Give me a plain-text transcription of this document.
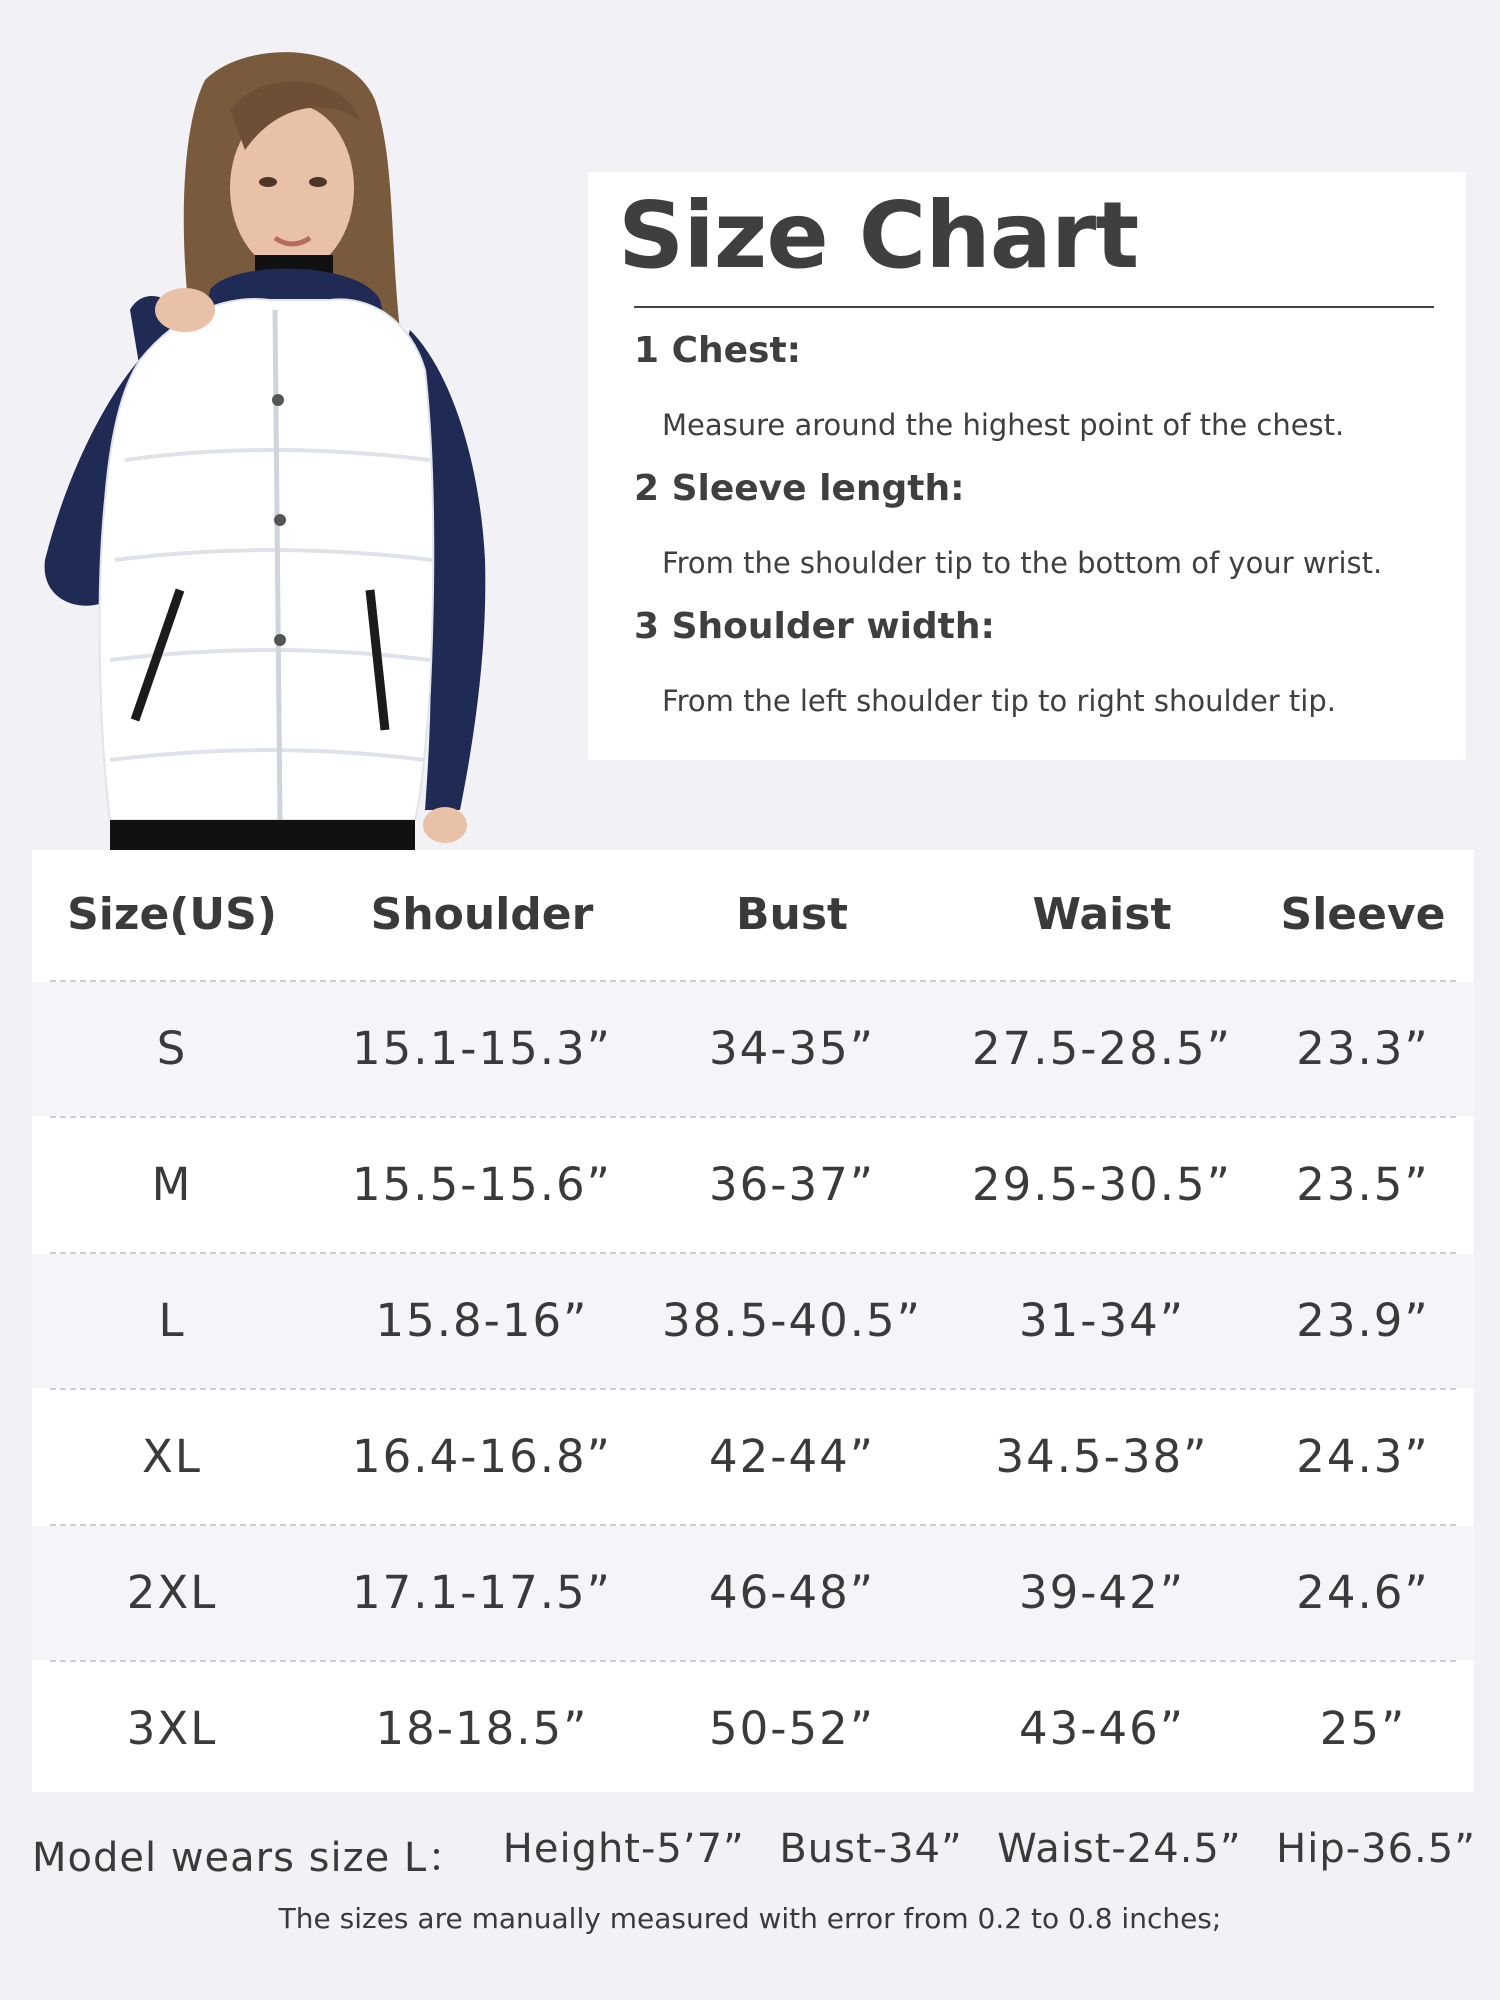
Size Chart
1 Chest:
Measure around the highest point of the chest.
2 Sleeve length:
From the shoulder tip to the bottom of your wrist.
3 Shoulder width:
From the left shoulder tip to right shoulder tip.
Size(US)	Shoulder	Bust	Waist	Sleeve
S	15.1-15.3”	34-35”	27.5-28.5”	23.3”
M	15.5-15.6”	36-37”	29.5-30.5”	23.5”
L	15.8-16”	38.5-40.5”	31-34”	23.9”
XL	16.4-16.8”	42-44”	34.5-38”	24.3”
2XL	17.1-17.5”	46-48”	39-42”	24.6”
3XL	18-18.5”	50-52”	43-46”	25”
Model wears size L： Height-5’7” Bust-34” Waist-24.5” Hip-36.5”
The sizes are manually measured with error from 0.2 to 0.8 inches;
